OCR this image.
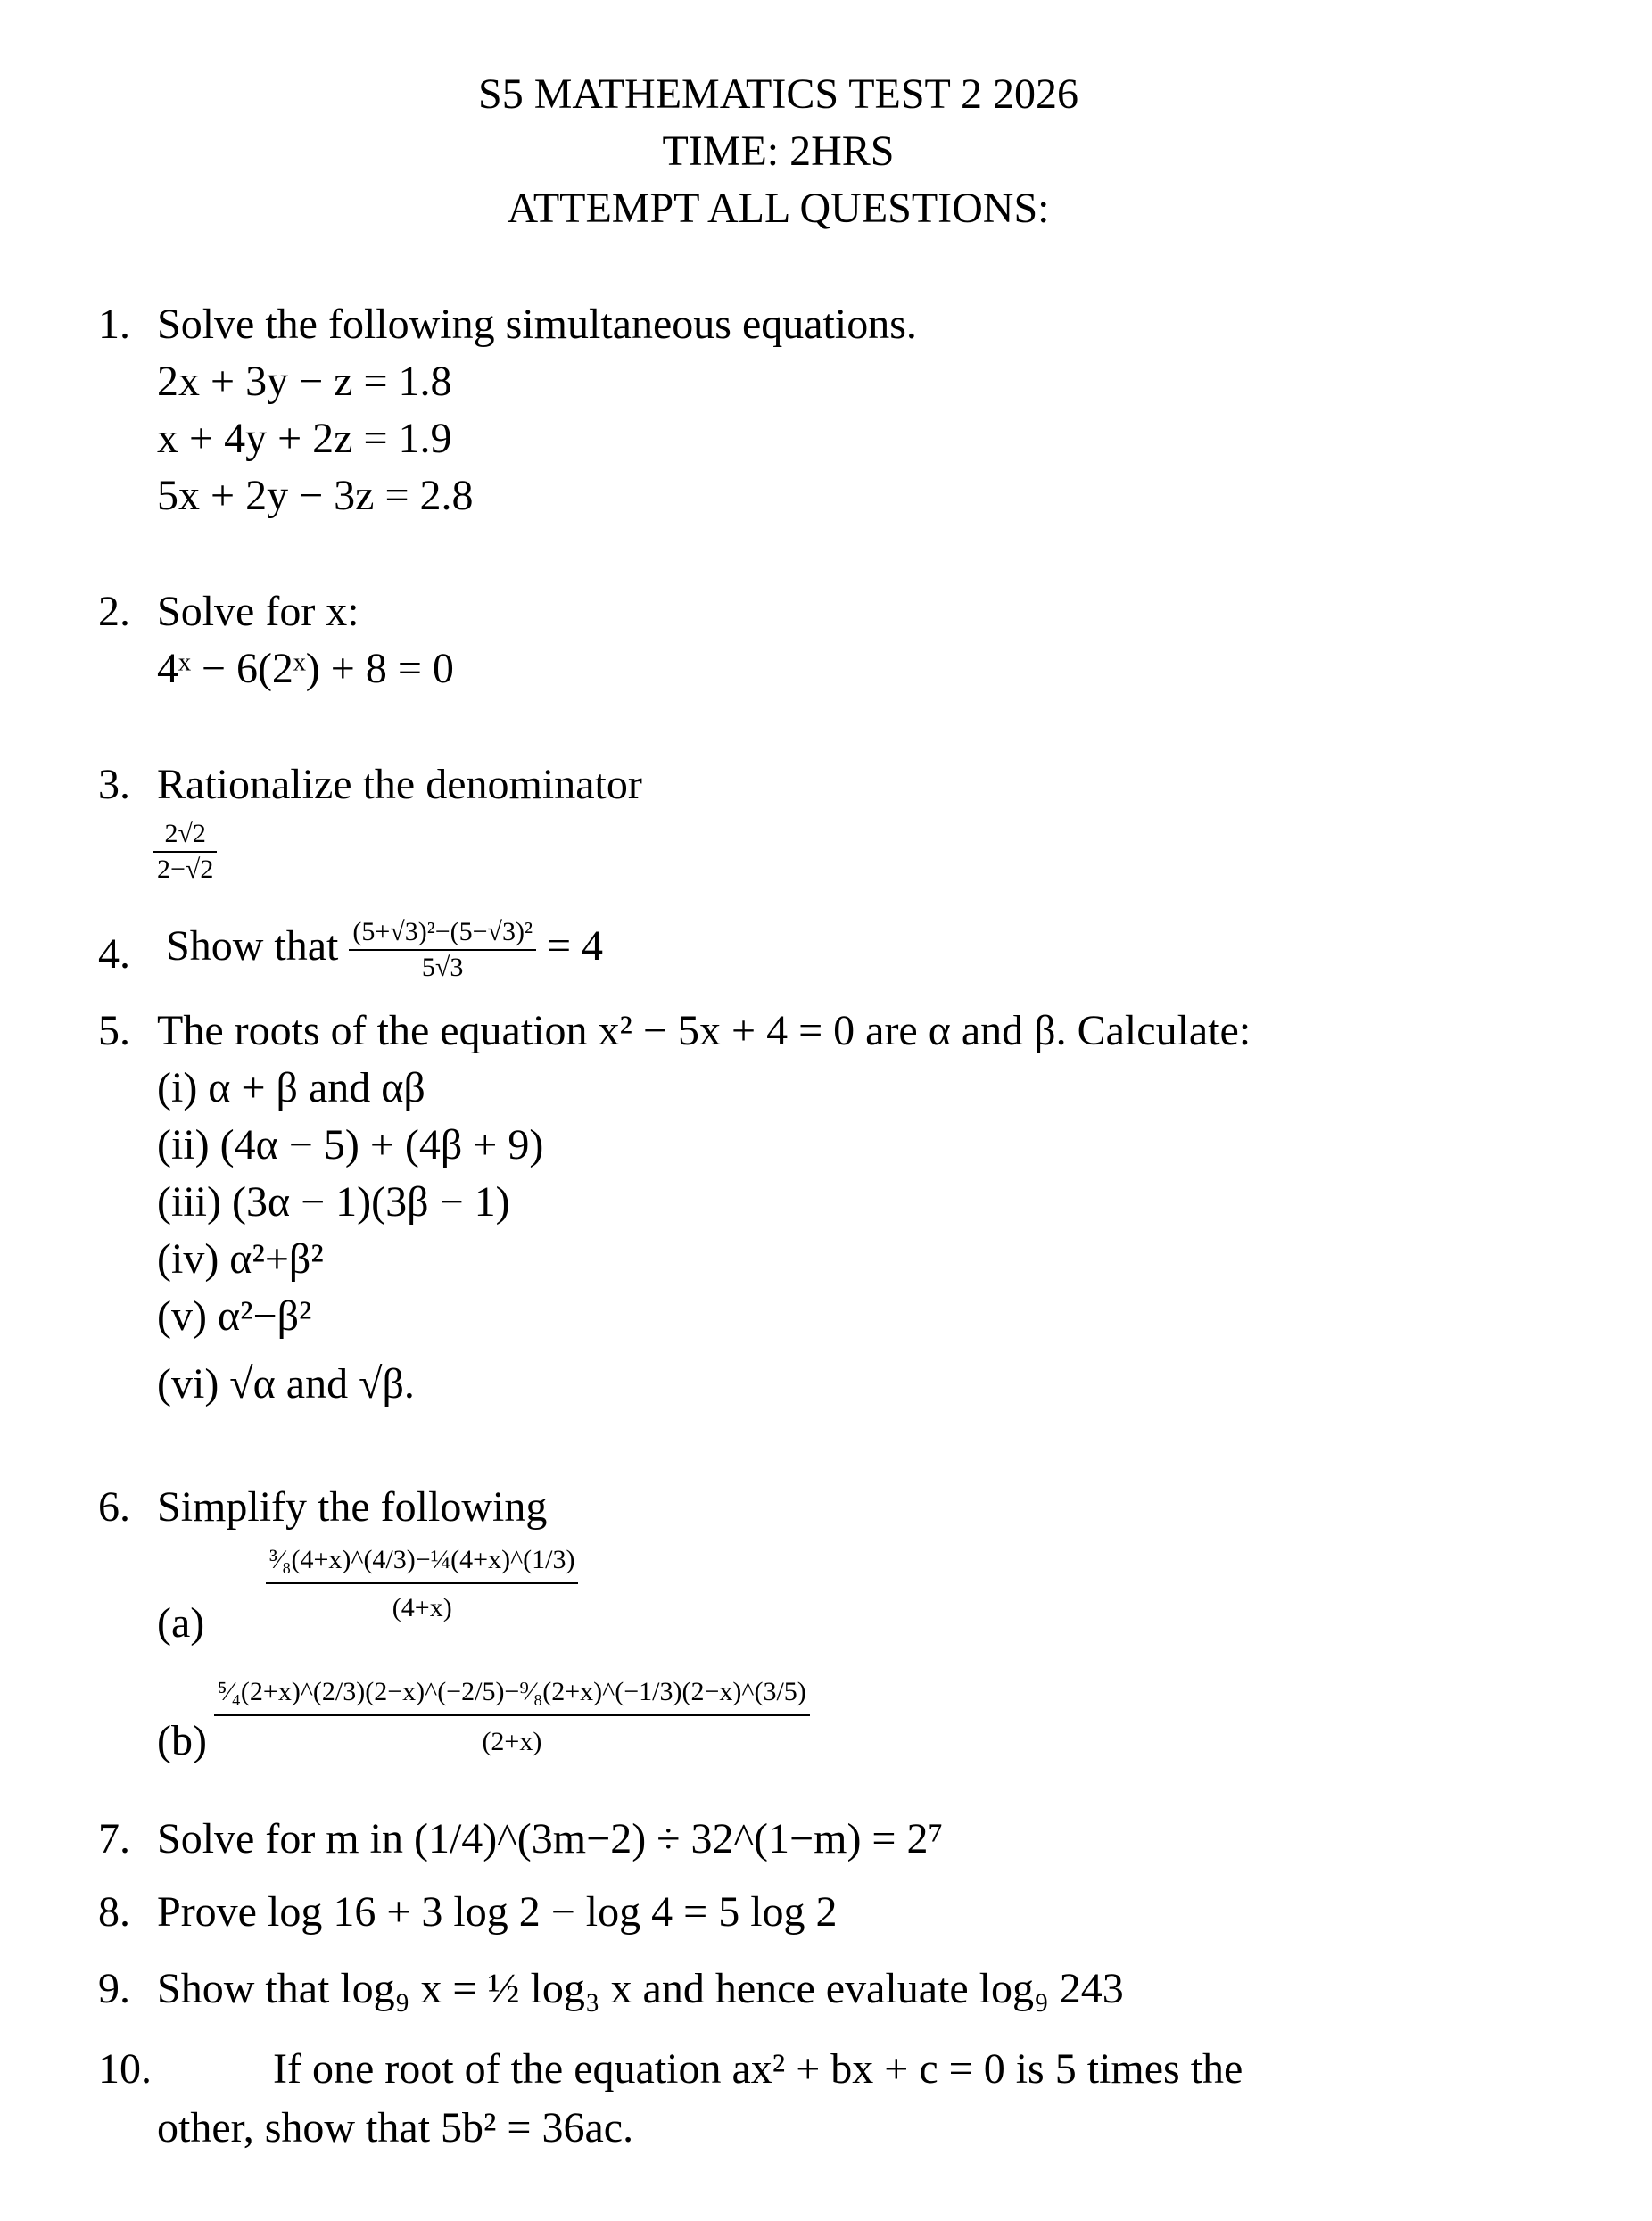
S5 MATHEMATICS TEST 2 2026
TIME: 2HRS
ATTEMPT ALL QUESTIONS:
1. Solve the following simultaneous equations.
2x + 3y − z = 1.8
x + 4y + 2z = 1.9
5x + 2y − 3z = 2.8
2. Solve for x:
4ˣ − 6(2ˣ) + 8 = 0
3. Rationalize the denominator
$\frac{2√2}{2-√2}$
4. Show that $\frac{\text{(5+√3)²−(5−√3)²}}{5√3} = 4$
5. The roots of the equation x² − 5x + 4 = 0 are α and β. Calculate:
(i) α + β and αβ
(ii) (4α − 5) + (4β + 9)
(iii) (3α − 1)(3β − 1)
(iv) α²+β²
(v) α²−β²
(vi) √α and √β.
6. Simplify the following
$(a) \frac{\text{³⁄₈(4+x)\textasciicircum{}(4/3)−¼(4+x)\textasciicircum{}(1/3)}}{(4+x)}$
$(b) \frac{\text{⁵⁄₄(2+x)\textasciicircum{}(2/3)(2−x)\textasciicircum{}(−2/5)−⁹⁄₈(2+x)\textasciicircum{}(−1/3)(2−x)\textasciicircum{}(3/5)}}{(2+x)}$
7. Solve for m in (1/4)^(3m−2) ÷ 32^(1−m) = 2⁷
8. Prove log 16 + 3 log 2 − log 4 = 5 log 2
9. Show that log₉ x = ½ log₃ x and hence evaluate log₉ 243
10.	If one root of the equation ax² + bx + c = 0 is 5 times the
other, show that 5b² = 36ac.
